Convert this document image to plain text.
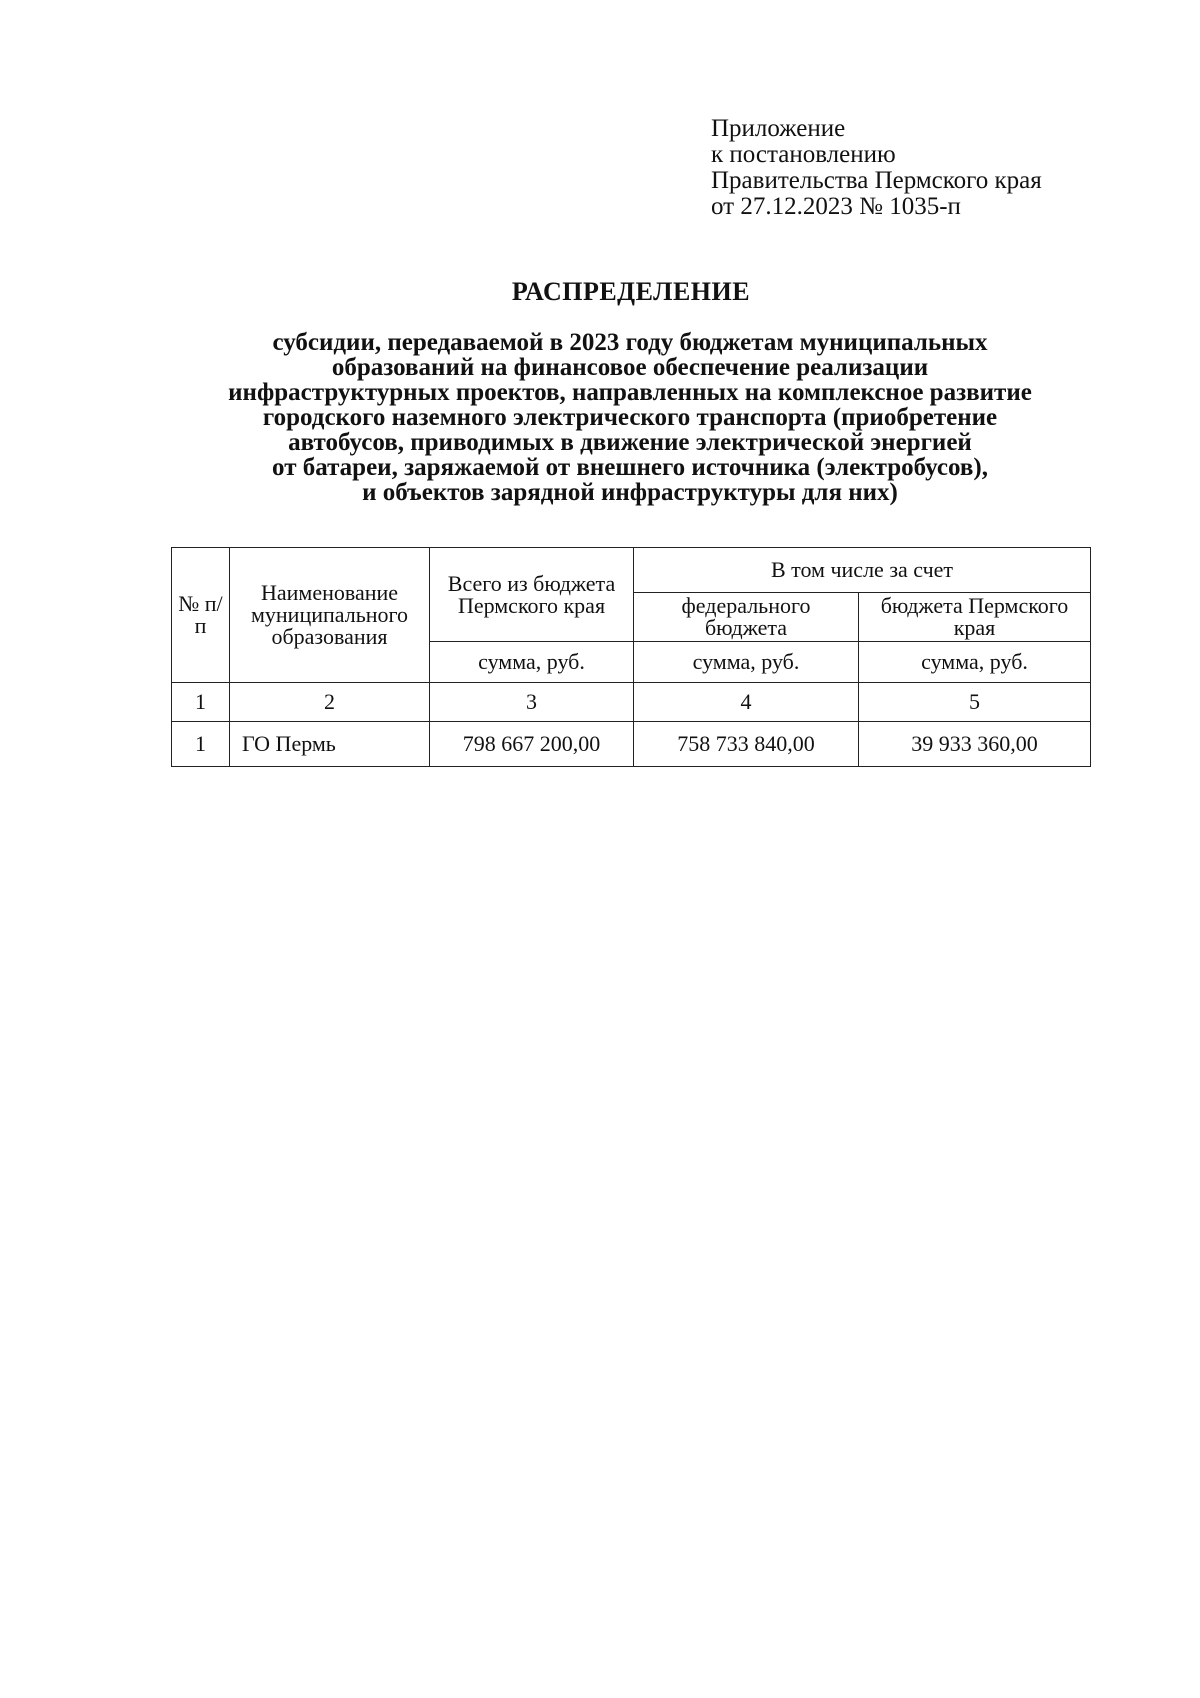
Приложение
к постановлению
Правительства Пермского края
от 27.12.2023 № 1035-п
РАСПРЕДЕЛЕНИЕ
субсидии, передаваемой в 2023 году бюджетам муниципальных
образований на финансовое обеспечение реализации
инфраструктурных проектов, направленных на комплексное развитие
городского наземного электрического транспорта (приобретение
автобусов, приводимых в движение электрической энергией
от батареи, заряжаемой от внешнего источника (электробусов),
и объектов зарядной инфраструктуры для них)
№ п/п	Наименование муниципального образования	Всего из бюджета Пермского края	В том числе за счет	
			федерального бюджета	бюджета Пермского края
		сумма, руб.	сумма, руб.	сумма, руб.
1	2	3	4	5
1	ГО Пермь	798 667 200,00	758 733 840,00	39 933 360,00
